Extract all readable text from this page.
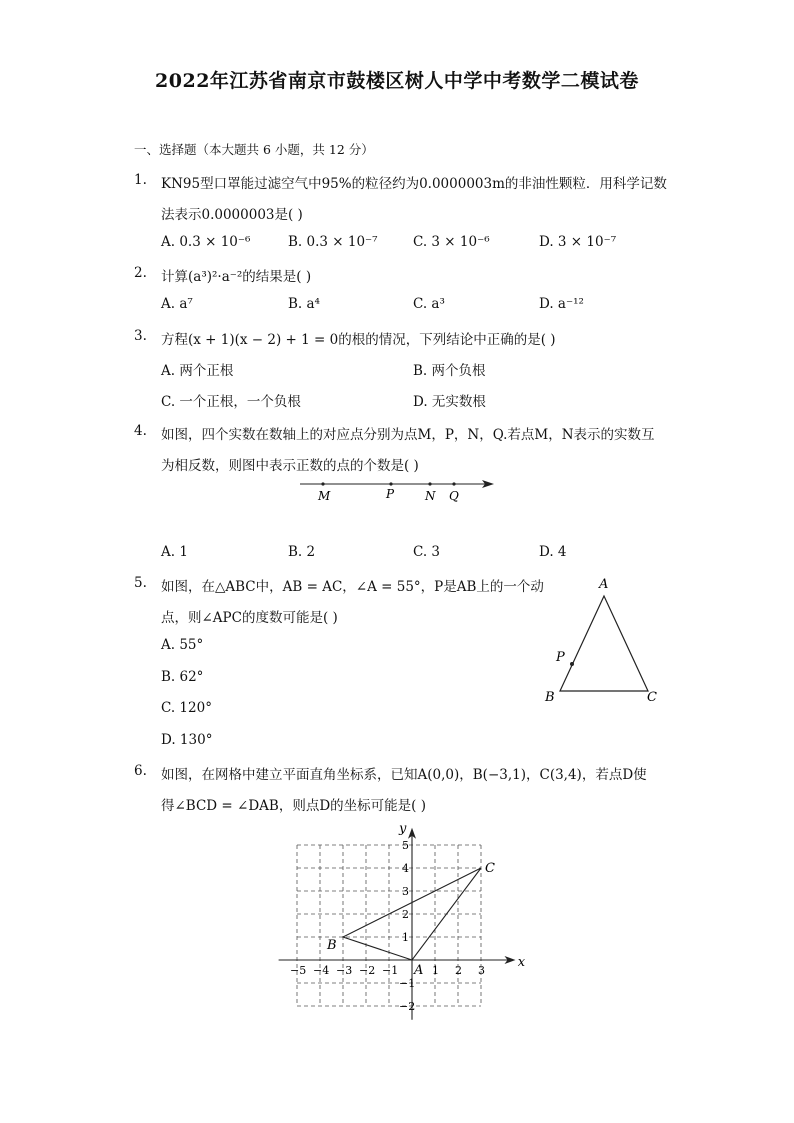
2022年江苏省南京市鼓楼区树人中学中考数学二模试卷
一、选择题（本大题共 6 小题，共 12 分）
1. KN95型口罩能过滤空气中95%的粒径约为0.0000003m的非油性颗粒．用科学记数
法表示0.0000003是( )
A. 0.3 × 10⁻⁶	B. 0.3 × 10⁻⁷	C. 3 × 10⁻⁶	D. 3 × 10⁻⁷
2. 计算(a³)²·a⁻²的结果是( )
A. a⁷	B. a⁴	C. a³	D. a⁻¹²
3. 方程(x + 1)(x − 2) + 1 = 0的根的情况，下列结论中正确的是( )
A. 两个正根	B. 两个负根
C. 一个正根，一个负根	D. 无实数根
4. 如图，四个实数在数轴上的对应点分别为点M，P，N，Q.若点M，N表示的实数互
为相反数，则图中表示正数的点的个数是( )
M	P	N Q
A. 1	B. 2	C. 3	D. 4
5. 如图，在△ABC中，AB = AC，∠A = 55°，P是AB上的一个动
点，则∠APC的度数可能是( )
A. 55°
B. 62°
C. 120°
D. 130°
A
B	C
P
6. 如图，在网格中建立平面直角坐标系，已知A(0,0)，B(−3,1)，C(3,4)，若点D使
得∠BCD = ∠DAB，则点D的坐标可能是( )
x
y
−5 −4 −3 −2 −1	1 2 3
5
4
3
2
1
−1
−2
A
B
C
